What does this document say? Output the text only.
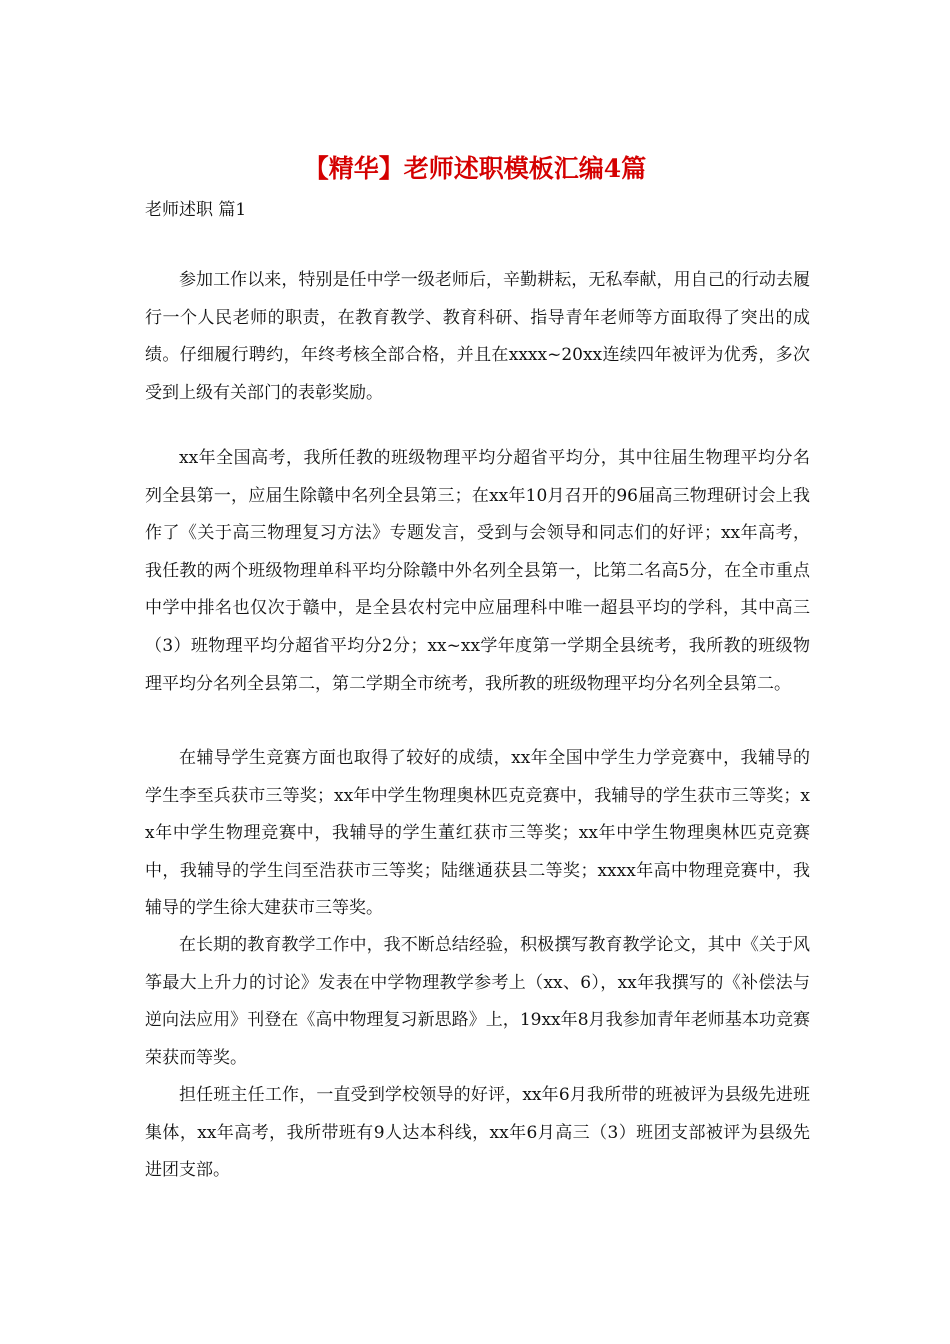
【精华】老师述职模板汇编4篇
老师述职 篇1

参加工作以来，特别是任中学一级老师后，辛勤耕耘，无私奉献，用自己的行动去履行一个人民老师的职责，在教育教学、教育科研、指导青年老师等方面取得了突出的成绩。仔细履行聘约，年终考核全部合格，并且在xxxx~20xx连续四年被评为优秀，多次受到上级有关部门的表彰奖励。

xx年全国高考，我所任教的班级物理平均分超省平均分，其中往届生物理平均分名列全县第一，应届生除赣中名列全县第三；在xx年10月召开的96届高三物理研讨会上我作了《关于高三物理复习方法》专题发言，受到与会领导和同志们的好评；xx年高考，我任教的两个班级物理单科平均分除赣中外名列全县第一，比第二名高5分，在全市重点中学中排名也仅次于赣中，是全县农村完中应届理科中唯一超县平均的学科，其中高三（3）班物理平均分超省平均分2分；xx~xx学年度第一学期全县统考，我所教的班级物理平均分名列全县第二，第二学期全市统考，我所教的班级物理平均分名列全县第二。

在辅导学生竞赛方面也取得了较好的成绩，xx年全国中学生力学竞赛中，我辅导的学生李至兵获市三等奖；xx年中学生物理奥林匹克竞赛中，我辅导的学生获市三等奖；xx年中学生物理竞赛中，我辅导的学生董红获市三等奖；xx年中学生物理奥林匹克竞赛中，我辅导的学生闫至浩获市三等奖；陆继通获县二等奖；xxxx年高中物理竞赛中，我辅导的学生徐大建获市三等奖。

在长期的教育教学工作中，我不断总结经验，积极撰写教育教学论文，其中《关于风筝最大上升力的讨论》发表在中学物理教学参考上（xx、6），xx年我撰写的《补偿法与逆向法应用》刊登在《高中物理复习新思路》上，19xx年8月我参加青年老师基本功竞赛荣获而等奖。

担任班主任工作，一直受到学校领导的好评，xx年6月我所带的班被评为县级先进班集体，xx年高考，我所带班有9人达本科线，xx年6月高三（3）班团支部被评为县级先进团支部。
